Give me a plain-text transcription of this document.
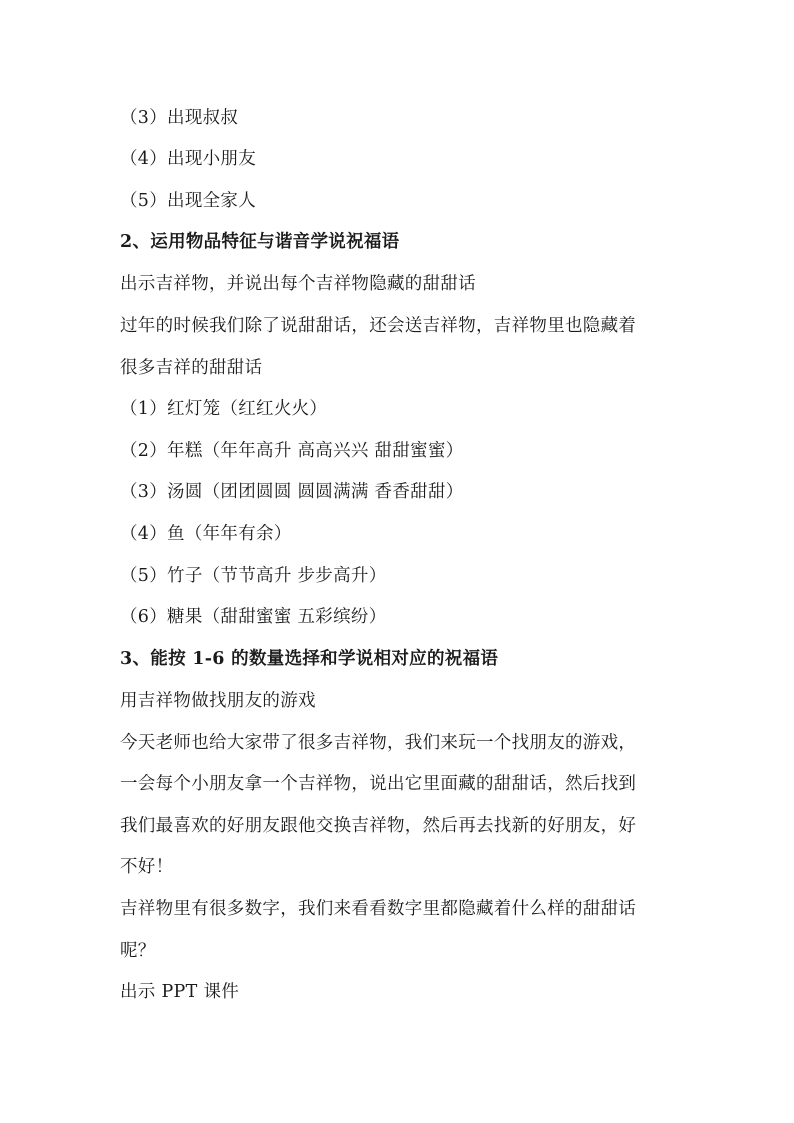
（3）出现叔叔
（4）出现小朋友
（5）出现全家人
2、运用物品特征与谐音学说祝福语
出示吉祥物，并说出每个吉祥物隐藏的甜甜话
过年的时候我们除了说甜甜话，还会送吉祥物，吉祥物里也隐藏着
很多吉祥的甜甜话
（1）红灯笼（红红火火）
（2）年糕（年年高升 高高兴兴 甜甜蜜蜜）
（3）汤圆（团团圆圆 圆圆满满 香香甜甜）
（4）鱼（年年有余）
（5）竹子（节节高升 步步高升）
（6）糖果（甜甜蜜蜜 五彩缤纷）
3、能按 1-6 的数量选择和学说相对应的祝福语
用吉祥物做找朋友的游戏
今天老师也给大家带了很多吉祥物，我们来玩一个找朋友的游戏，
一会每个小朋友拿一个吉祥物，说出它里面藏的甜甜话，然后找到
我们最喜欢的好朋友跟他交换吉祥物，然后再去找新的好朋友，好
不好！
吉祥物里有很多数字，我们来看看数字里都隐藏着什么样的甜甜话
呢？
出示 PPT 课件
